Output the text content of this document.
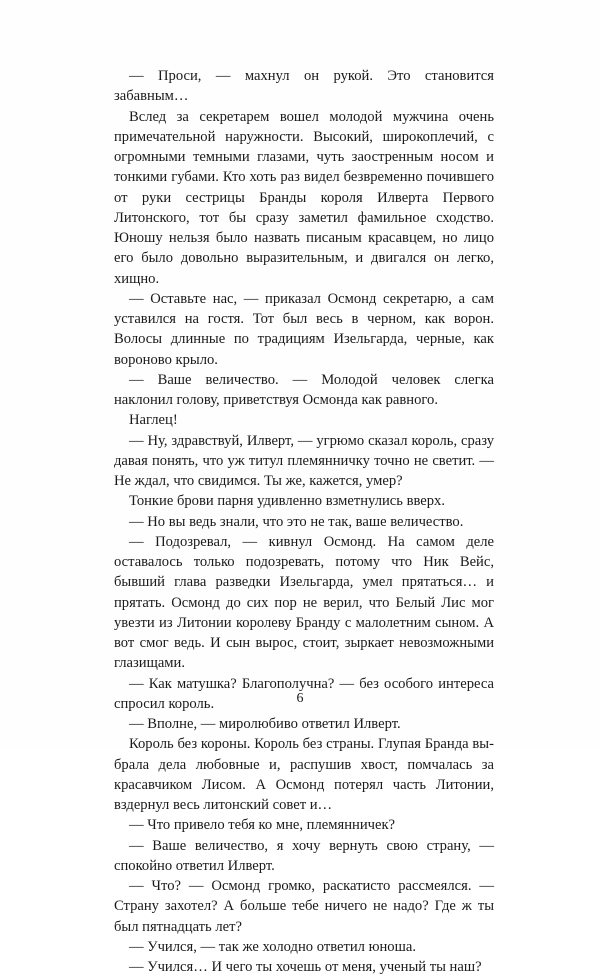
— Проси, — махнул он рукой. Это становится забавным…

Вслед за секретарем вошел молодой мужчина очень примечательной наружности. Высокий, широкоплечий, с огромными темными глазами, чуть заостренным носом и тонкими губами. Кто хоть раз видел безвременно почившего от руки сестрицы Бранды короля Илверта Первого Литонского, тот бы сразу заметил фамильное сходство. Юношу нельзя было назвать писаным красавцем, но лицо его было довольно выразительным, и двигался он легко, хищно.

— Оставьте нас, — приказал Осмонд секретарю, а сам уставился на гостя. Тот был весь в черном, как ворон. Волосы длинные по традициям Изельгарда, черные, как вороново крыло.

— Ваше величество. — Молодой человек слегка наклонил голову, приветствуя Осмонда как равного.

Наглец!

— Ну, здравствуй, Илверт, — угрюмо сказал король, сразу давая понять, что уж титул племянничку точно не светит. — Не ждал, что свидимся. Ты же, кажется, умер?

Тонкие брови парня удивленно взметнулись вверх.

— Но вы ведь знали, что это не так, ваше величество.

— Подозревал, — кивнул Осмонд. На самом деле оставалось только подозревать, потому что Ник Вейс, бывший глава разведки Изельгарда, умел прятаться… и прятать. Осмонд до сих пор не верил, что Белый Лис мог увезти из Литонии королеву Бранду с малолетним сыном. А вот смог ведь. И сын вырос, стоит, зыркает невозможными глазищами.

— Как матушка? Благополучна? — без особого интереса спросил король.

— Вполне, — миролюбиво ответил Илверт.

Король без короны. Король без страны. Глупая Бранда выбрала дела любовные и, распушив хвост, помчалась за красавчиком Лисом. А Осмонд потерял часть Литонии, вздернул весь литонский совет и…

— Что привело тебя ко мне, племянничек?

— Ваше величество, я хочу вернуть свою страну, — спокойно ответил Илверт.

— Что? — Осмонд громко, раскатисто рассмеялся. — Страну захотел? А больше тебе ничего не надо? Где ж ты был пятнадцать лет?

— Учился, — так же холодно ответил юноша.

— Учился… И чего ты хочешь от меня, ученый ты наш?

6
